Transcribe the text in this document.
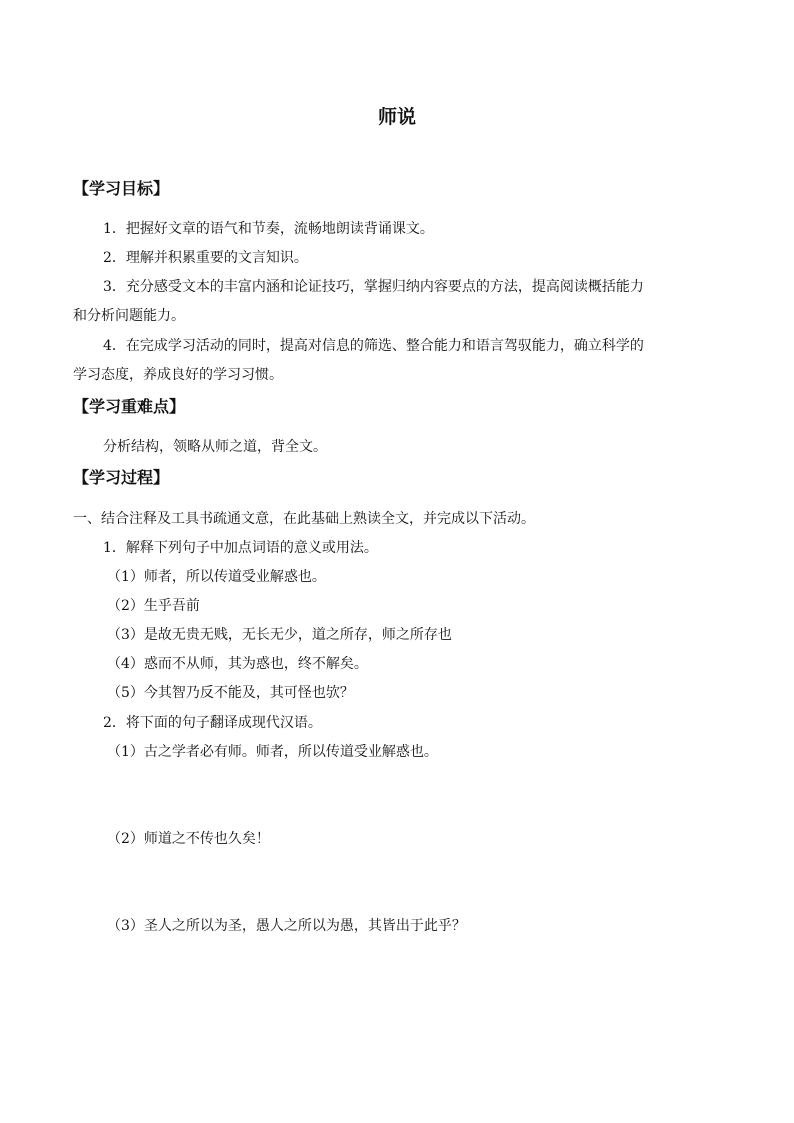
师说
【学习目标】
1．把握好文章的语气和节奏，流畅地朗读背诵课文。
2．理解并积累重要的文言知识。
3．充分感受文本的丰富内涵和论证技巧，掌握归纳内容要点的方法，提高阅读概括能力
和分析问题能力。
4．在完成学习活动的同时，提高对信息的筛选、整合能力和语言驾驭能力，确立科学的
学习态度，养成良好的学习习惯。
【学习重难点】
分析结构，领略从师之道，背全文。
【学习过程】
一、结合注释及工具书疏通文意，在此基础上熟读全文，并完成以下活动。
1．解释下列句子中加点词语的意义或用法。
（1）师者，所以传道受业解惑也。
（2）生乎吾前
（3）是故无贵无贱，无长无少，道之所存，师之所存也
（4）惑而不从师，其为惑也，终不解矣。
（5）今其智乃反不能及，其可怪也欤？
2．将下面的句子翻译成现代汉语。
（1）古之学者必有师。师者，所以传道受业解惑也。
（2）师道之不传也久矣！
（3）圣人之所以为圣，愚人之所以为愚，其皆出于此乎？
